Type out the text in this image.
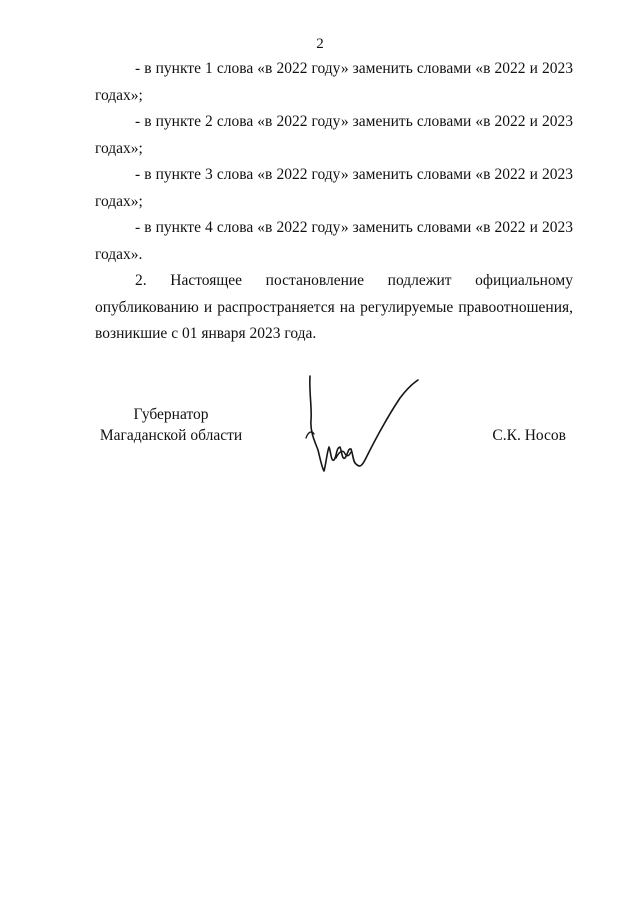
2

- в пункте 1 слова «в 2022 году» заменить словами «в 2022 и 2023 годах»;

- в пункте 2 слова «в 2022 году» заменить словами «в 2022 и 2023 годах»;

- в пункте 3 слова «в 2022 году» заменить словами «в 2022 и 2023 годах»;

- в пункте 4 слова «в 2022 году» заменить словами «в 2022 и 2023 годах».

2. Настоящее постановление подлежит официальному опубликованию и распространяется на регулируемые правоотношения, возникшие с 01 января 2023 года.

Губернатор
Магаданской области	С.К. Носов
